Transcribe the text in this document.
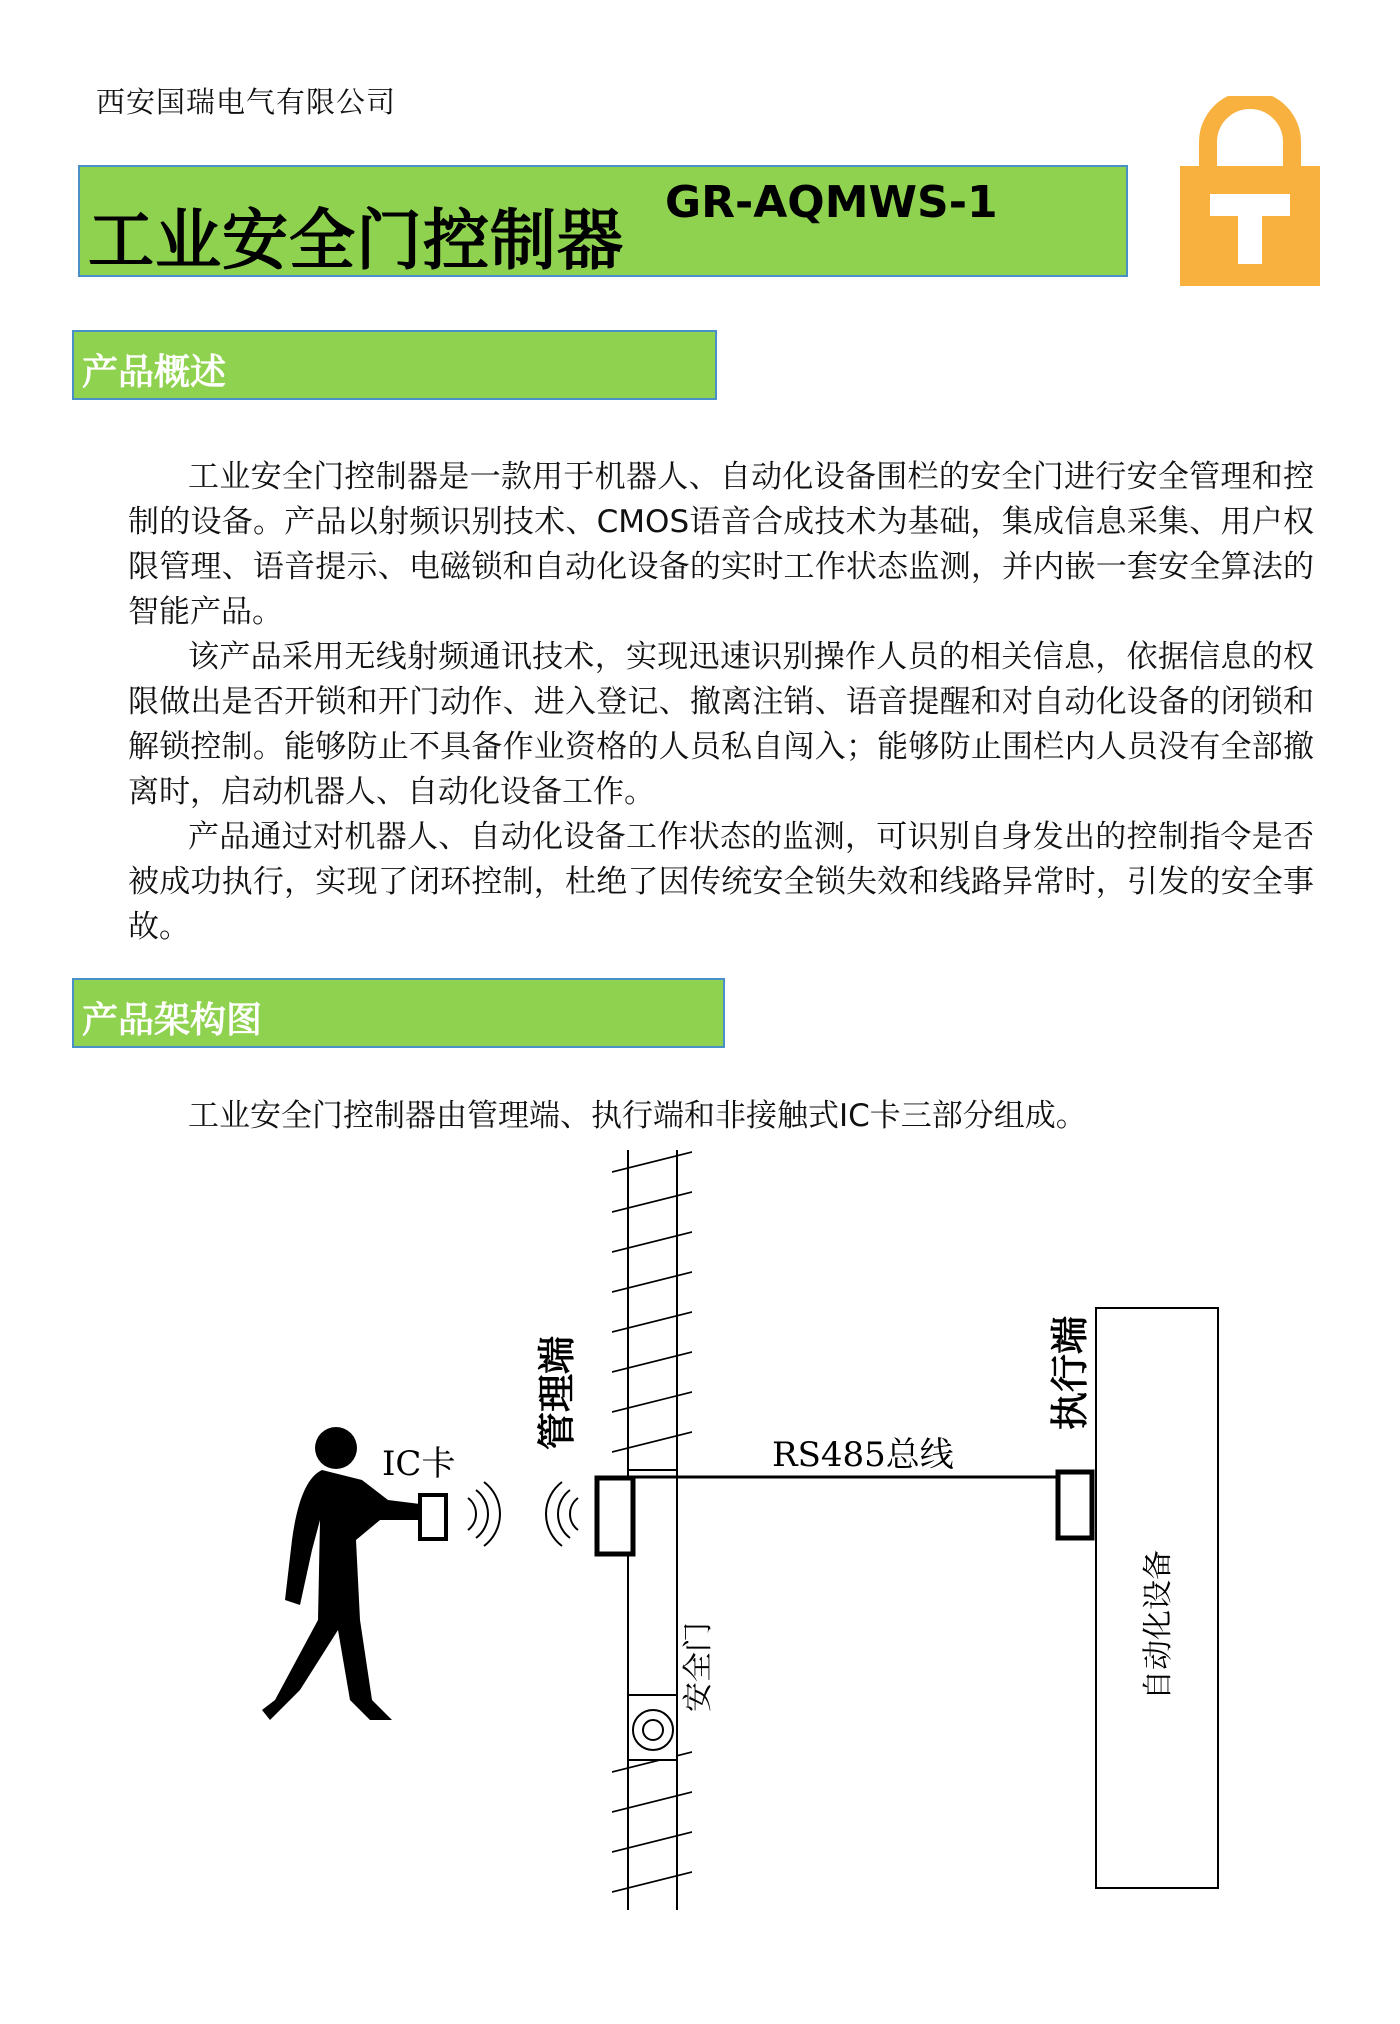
西安国瑞电气有限公司
工业安全门控制器 GR-AQMWS-1
产品概述

工业安全门控制器是一款用于机器人、自动化设备围栏的安全门进行安全管理和控制的设备。产品以射频识别技术、CMOS语音合成技术为基础，集成信息采集、用户权限管理、语音提示、电磁锁和自动化设备的实时工作状态监测，并内嵌一套安全算法的智能产品。

该产品采用无线射频通讯技术，实现迅速识别操作人员的相关信息，依据信息的权限做出是否开锁和开门动作、进入登记、撤离注销、语音提醒和对自动化设备的闭锁和解锁控制。能够防止不具备作业资格的人员私自闯入；能够防止围栏内人员没有全部撤离时，启动机器人、自动化设备工作。

产品通过对机器人、自动化设备工作状态的监测，可识别自身发出的控制指令是否被成功执行，实现了闭环控制，杜绝了因传统安全锁失效和线路异常时，引发的安全事故。

产品架构图

工业安全门控制器由管理端、执行端和非接触式IC卡三部分组成。

IC卡	RS485总线
管理端	执行端
安全门	自动化设备
